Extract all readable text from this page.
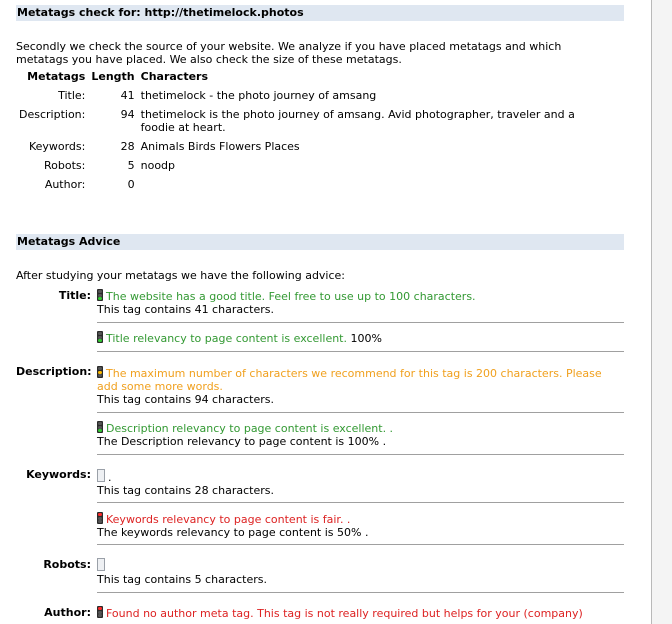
Metatags check for: http://thetimelock.photos
Secondly we check the source of your website. We analyze if you have placed metatags and which metatags you have placed. We also check the size of these metatags.
Metatags	Length	Characters
Title:	41	thetimelock - the photo journey of amsang
Description:	94	thetimelock is the photo journey of amsang. Avid photographer, traveler and a foodie at heart.
Keywords:	28	Animals Birds Flowers Places
Robots:	5	noodp
Author:	0	
Metatags Advice
After studying your metatags we have the following advice:
Title:	The website has a good title. Feel free to use up to 100 characters.
This tag contains 41 characters.
Title relevancy to page content is excellent. 100%
Description:	The maximum number of characters we recommend for this tag is 200 characters. Please add some more words.
This tag contains 94 characters.
Description relevancy to page content is excellent. .
The Description relevancy to page content is 100% .
Keywords:	.
This tag contains 28 characters.
Keywords relevancy to page content is fair. .
The keywords relevancy to page content is 50% .
Robots:
This tag contains 5 characters.
Author:	Found no author meta tag. This tag is not really required but helps for your (company)
